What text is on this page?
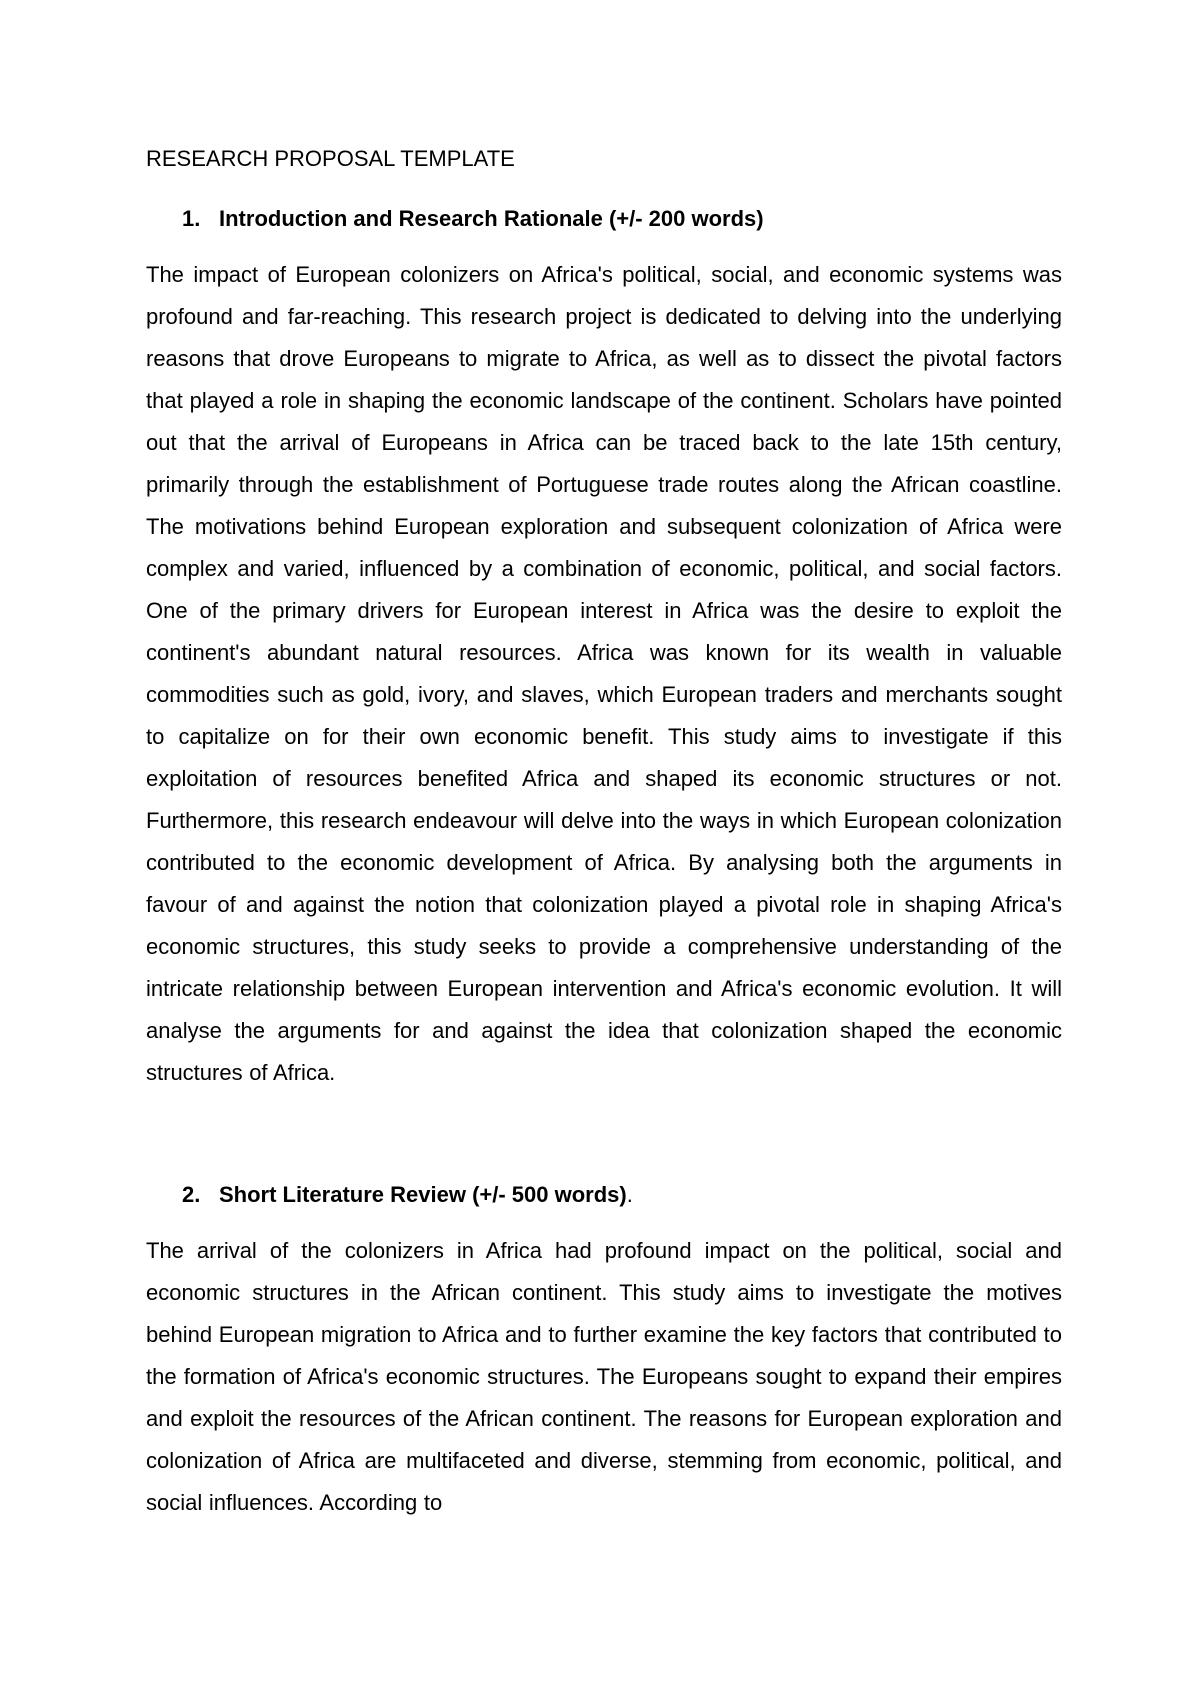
RESEARCH PROPOSAL TEMPLATE
1. Introduction and Research Rationale (+/- 200 words)

The impact of European colonizers on Africa's political, social, and economic systems was profound and far-reaching. This research project is dedicated to delving into the underlying reasons that drove Europeans to migrate to Africa, as well as to dissect the pivotal factors that played a role in shaping the economic landscape of the continent. Scholars have pointed out that the arrival of Europeans in Africa can be traced back to the late 15th century, primarily through the establishment of Portuguese trade routes along the African coastline. The motivations behind European exploration and subsequent colonization of Africa were complex and varied, influenced by a combination of economic, political, and social factors. One of the primary drivers for European interest in Africa was the desire to exploit the continent's abundant natural resources. Africa was known for its wealth in valuable commodities such as gold, ivory, and slaves, which European traders and merchants sought to capitalize on for their own economic benefit. This study aims to investigate if this exploitation of resources benefited Africa and shaped its economic structures or not. Furthermore, this research endeavour will delve into the ways in which European colonization contributed to the economic development of Africa. By analysing both the arguments in favour of and against the notion that colonization played a pivotal role in shaping Africa's economic structures, this study seeks to provide a comprehensive understanding of the intricate relationship between European intervention and Africa's economic evolution. It will analyse the arguments for and against the idea that colonization shaped the economic structures of Africa.

2. Short Literature Review (+/- 500 words).

The arrival of the colonizers in Africa had profound impact on the political, social and economic structures in the African continent. This study aims to investigate the motives behind European migration to Africa and to further examine the key factors that contributed to the formation of Africa's economic structures. The Europeans sought to expand their empires and exploit the resources of the African continent. The reasons for European exploration and colonization of Africa are multifaceted and diverse, stemming from economic, political, and social influences. According to
